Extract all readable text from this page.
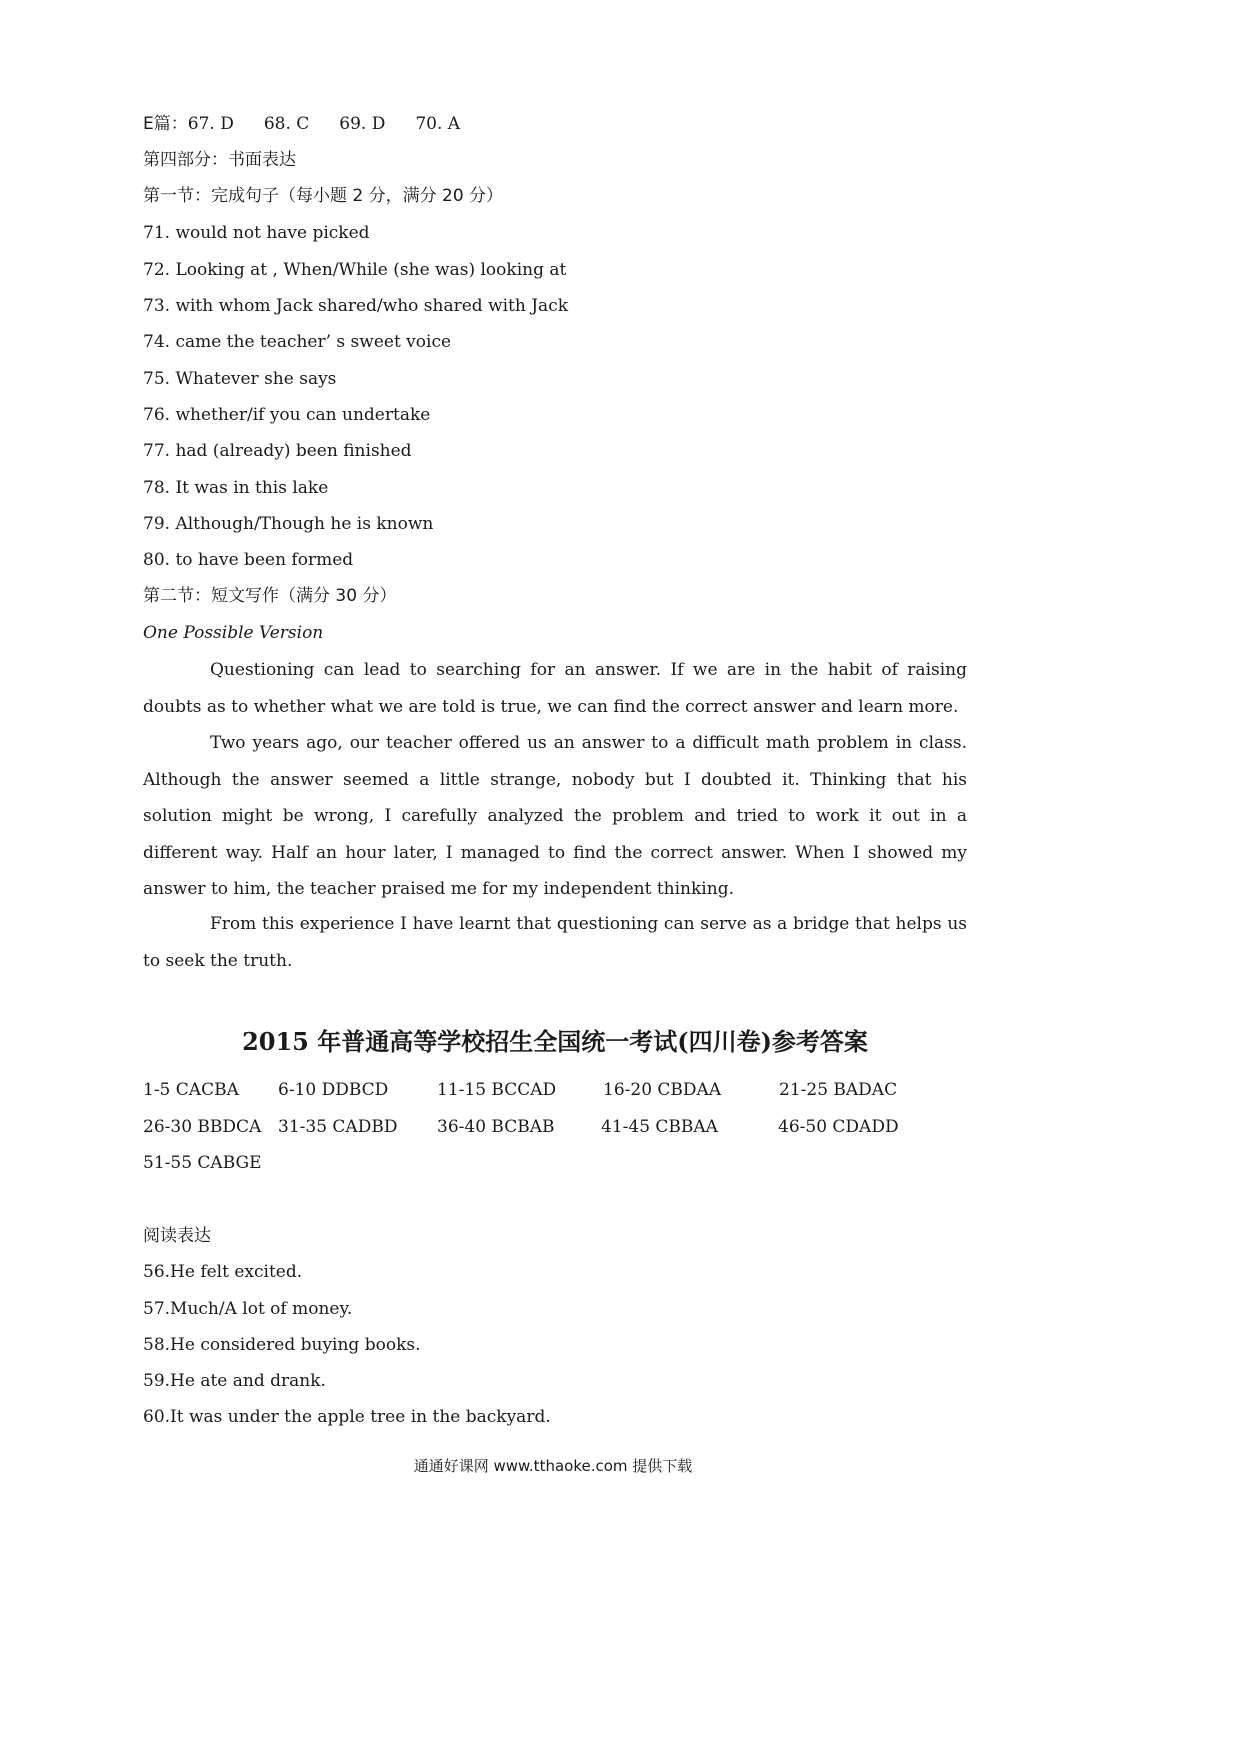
E篇：67. D 68. C 69. D 70. A
第四部分：书面表达
第一节：完成句子（每小题 2 分，满分 20 分）
71. would not have picked
72. Looking at , When/While (she was) looking at
73. with whom Jack shared/who shared with Jack
74. came the teacher’ s sweet voice
75. Whatever she says
76. whether/if you can undertake
77. had (already) been finished
78. It was in this lake
79. Although/Though he is known
80. to have been formed
第二节：短文写作（满分 30 分）
One Possible Version
Questioning can lead to searching for an answer. If we are in the habit of raising doubts as to whether what we are told is true, we can find the correct answer and learn more.
Two years ago, our teacher offered us an answer to a difficult math problem in class. Although the answer seemed a little strange, nobody but I doubted it. Thinking that his solution might be wrong, I carefully analyzed the problem and tried to work it out in a different way. Half an hour later, I managed to find the correct answer. When I showed my answer to him, the teacher praised me for my independent thinking.
From this experience I have learnt that questioning can serve as a bridge that helps us to seek the truth.
2015 年普通高等学校招生全国统一考试(四川卷)参考答案
1-5 CACBA 6-10 DDBCD	11-15 BCCAD	16-20 CBDAA	21-25 BADAC
26-30 BBDCA 31-35 CADBD 36-40 BCBAB	41-45 CBBAA	46-50 CDADD
51-55 CABGE
阅读表达
56.He felt excited.
57.Much/A lot of money.
58.He considered buying books.
59.He ate and drank.
60.It was under the apple tree in the backyard.
通通好课网 www.tthaoke.com 提供下载
